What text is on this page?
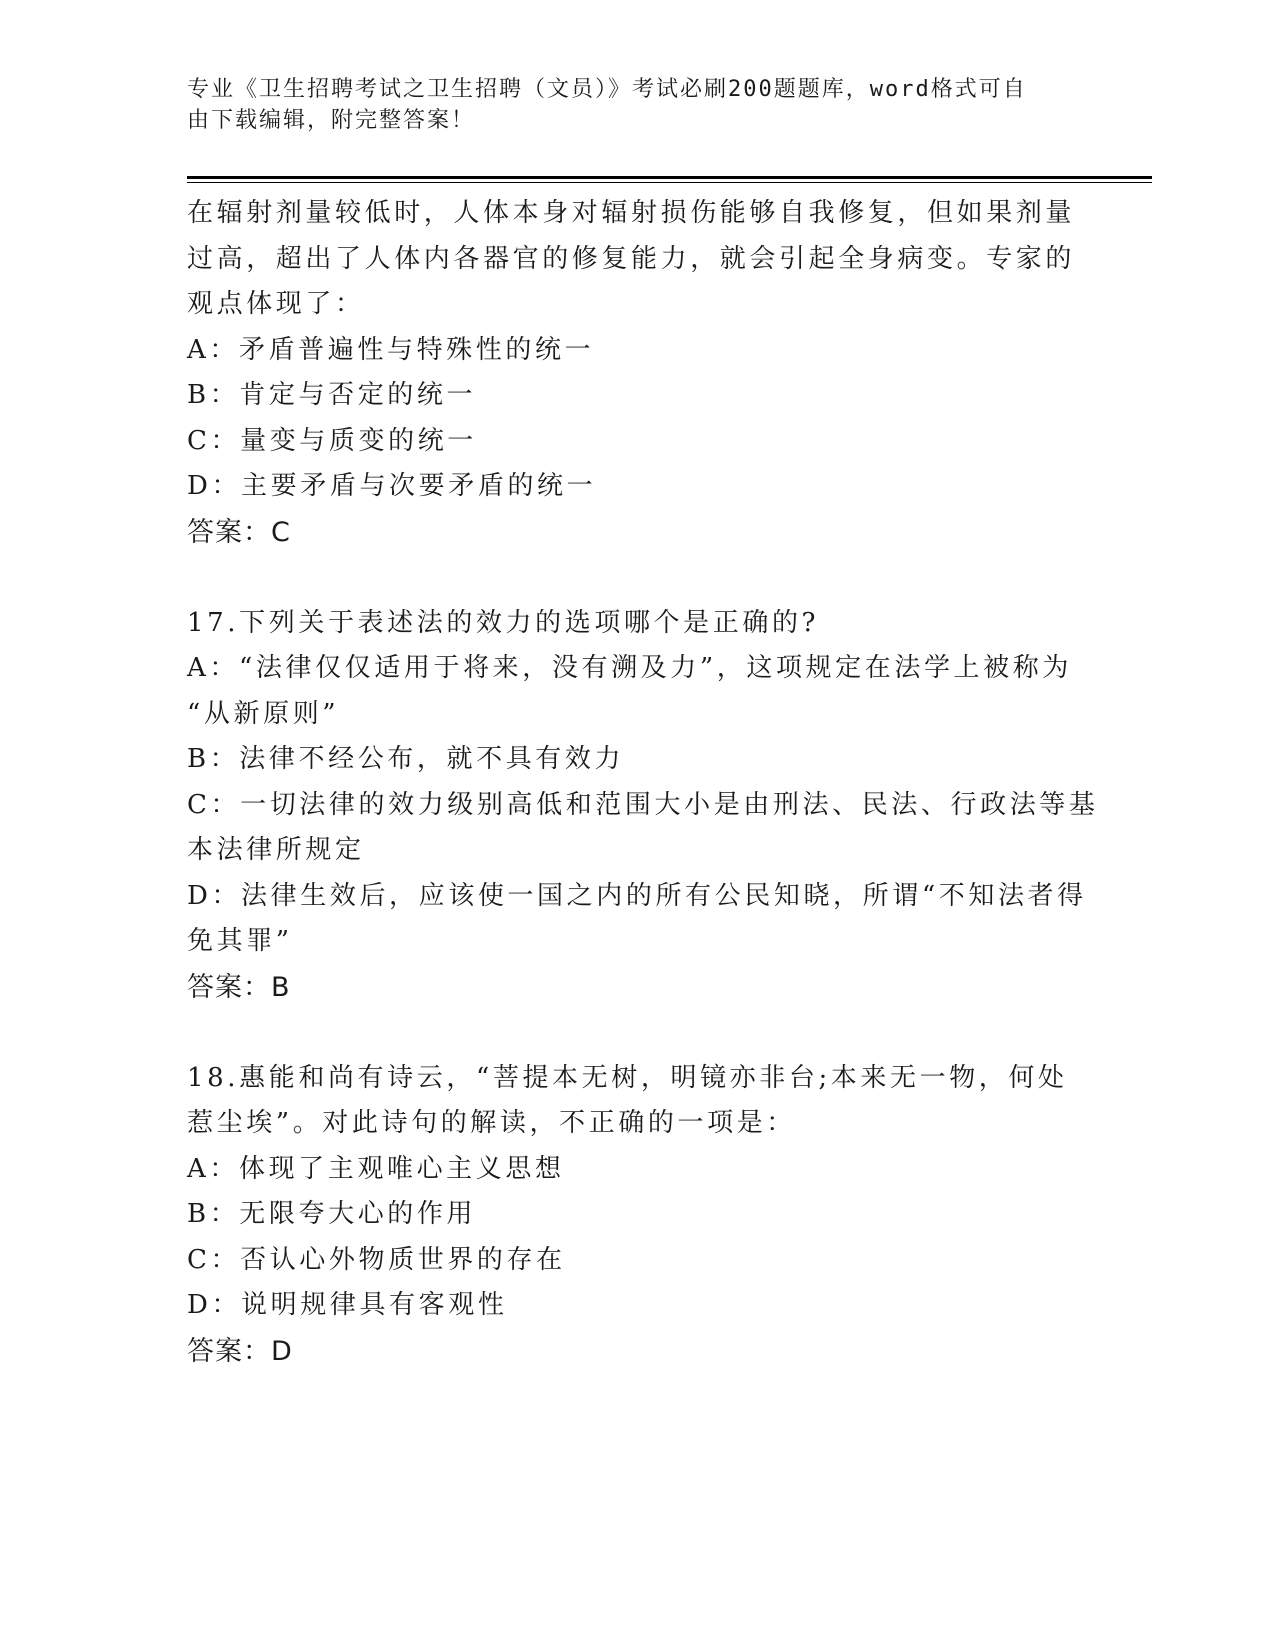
专业《卫生招聘考试之卫生招聘（文员）》考试必刷200题题库，word格式可自
由下载编辑，附完整答案！
在辐射剂量较低时，人体本身对辐射损伤能够自我修复，但如果剂量
过高，超出了人体内各器官的修复能力，就会引起全身病变。专家的
观点体现了：
A：矛盾普遍性与特殊性的统一
B：肯定与否定的统一
C：量变与质变的统一
D：主要矛盾与次要矛盾的统一
答案：C
17.下列关于表述法的效力的选项哪个是正确的?
A：“法律仅仅适用于将来，没有溯及力”，这项规定在法学上被称为
“从新原则”
B：法律不经公布，就不具有效力
C：一切法律的效力级别高低和范围大小是由刑法、民法、行政法等基
本法律所规定
D：法律生效后，应该使一国之内的所有公民知晓，所谓“不知法者得
免其罪”
答案：B
18.惠能和尚有诗云，“菩提本无树，明镜亦非台;本来无一物，何处
惹尘埃”。对此诗句的解读，不正确的一项是：
A：体现了主观唯心主义思想
B：无限夸大心的作用
C：否认心外物质世界的存在
D：说明规律具有客观性
答案：D
